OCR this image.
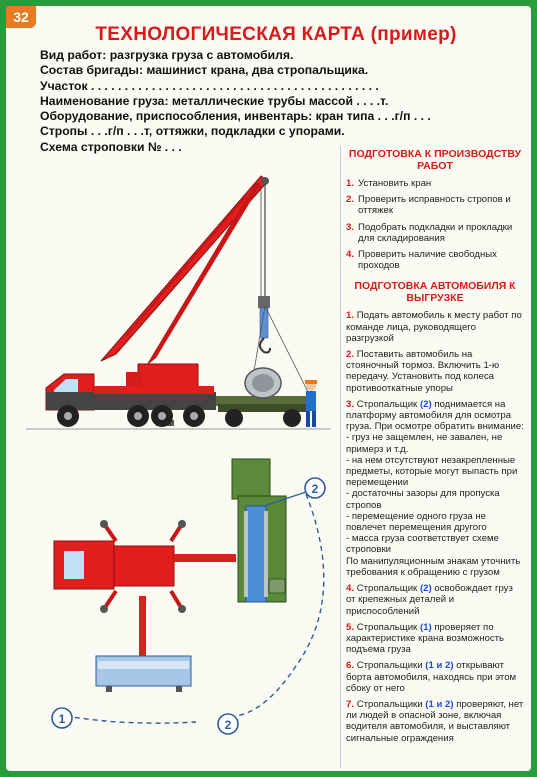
32
ТЕХНОЛОГИЧЕСКАЯ КАРТА (пример)
Вид работ: разгрузка груза с автомобиля.
Состав бригады: машинист крана, два стропальщика.
Участок . . . . . . . . . . . . . . . . . . . . . . . . . . . . . . . . . . . . . . . . . . .
Наименование груза: металлические трубы массой . . . .т.
Оборудование, приспособления, инвентарь: кран типа . . .г/п . . .
Стропы . . .г/п . . .т, оттяжки, подкладки с упорами.
Схема строповки № . . .
2
1	2
ПОДГОТОВКА К ПРОИЗВОДСТВУ РАБОТ
1. Установить кран
2. Проверить исправность стропов и оттяжек
3. Подобрать подкладки и прокладки для складирования
4. Проверить наличие свободных проходов
ПОДГОТОВКА АВТОМОБИЛЯ К ВЫГРУЗКЕ
1. Подать автомобиль к месту работ по команде лица, руководящего разгрузкой
2. Поставить автомобиль на стояночный тормоз. Включить 1-ю передачу. Установить под колеса противооткатные упоры
3. Стропальщик (2) поднимается на платформу автомобиля для осмотра груза. При осмотре обратить внимание:
- груз не защемлен, не завален, не примерз и т.д.
- на нем отсутствуют незакрепленные предметы, которые могут выпасть при перемещении
- достаточны зазоры для пропуска стропов
- перемещение одного груза не повлечет перемещения другого
- масса груза соответствует схеме строповки
По манипуляционным знакам уточнить требования к обращению с грузом
4. Стропальщик (2) освобождает груз от крепежных деталей и приспособлений
5. Стропальщик (1) проверяет по характеристике крана возможность подъема груза
6. Стропальщики (1 и 2) открывают борта автомобиля, находясь при этом сбоку от него
7. Стропальщики (1 и 2) проверяют, нет ли людей в опасной зоне, включая водителя автомобиля, и выставляют сигнальные ограждения
